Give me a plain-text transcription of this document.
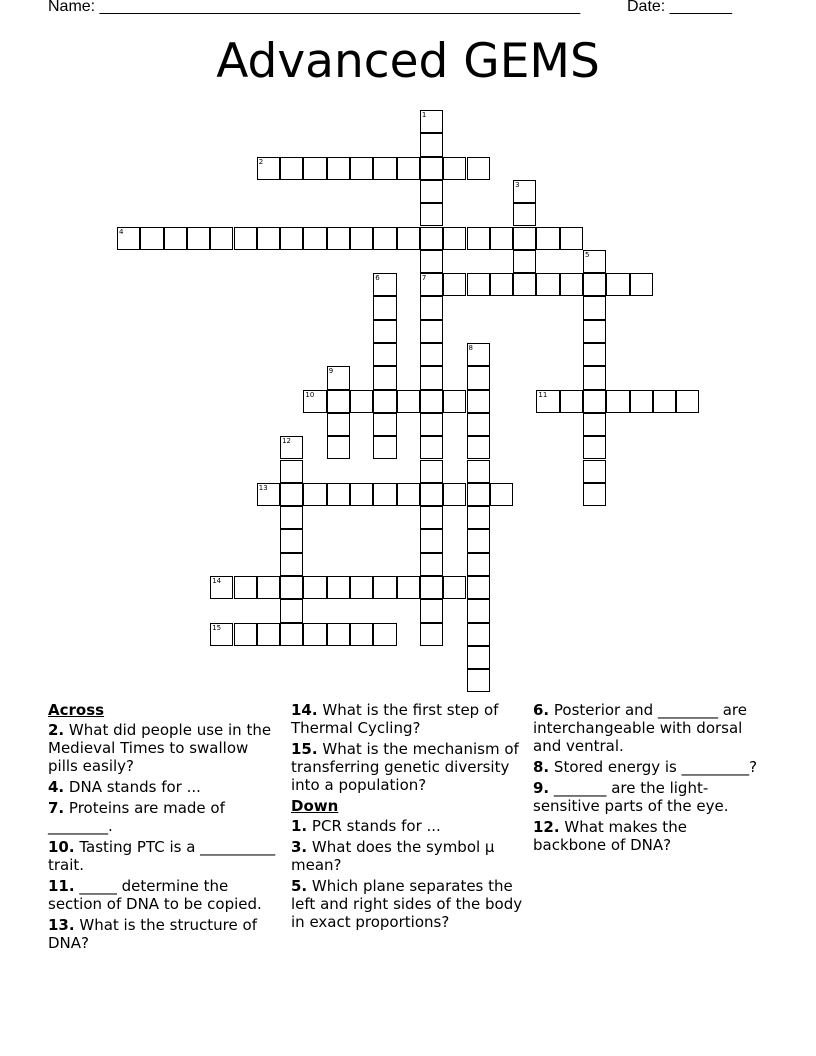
Name: ______________________________________________________	Date: _______
Advanced GEMS
1
7
2
3
4
5
6
8
9
10	11
12
13
14
15
Across
2. What did people use in the Medieval Times to swallow pills easily?
4. DNA stands for ...
7. Proteins are made of ________.
10. Tasting PTC is a __________ trait.
11. _____ determine the section of DNA to be copied.
13. What is the structure of DNA?
14. What is the first step of Thermal Cycling?
15. What is the mechanism of transferring genetic diversity into a population?
Down
1. PCR stands for ...
3. What does the symbol μ mean?
5. Which plane separates the left and right sides of the body in exact proportions?
6. Posterior and ________ are interchangeable with dorsal and ventral.
8. Stored energy is _________?
9. _______ are the light-sensitive parts of the eye.
12. What makes the backbone of DNA?
